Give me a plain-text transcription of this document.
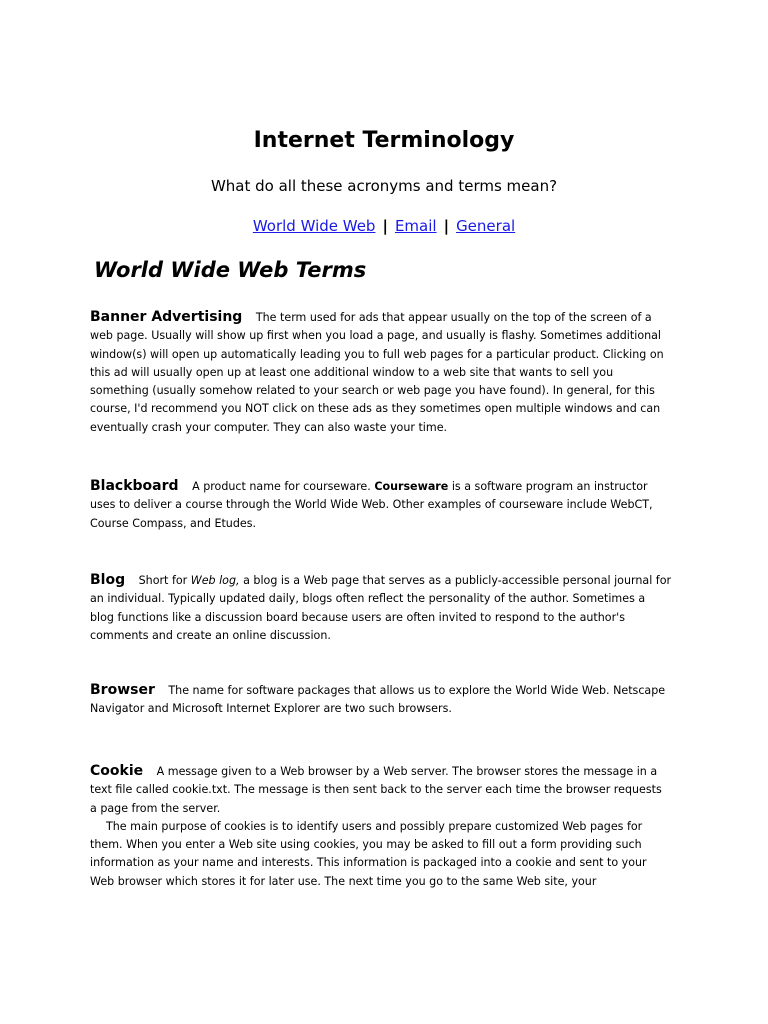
Internet Terminology

What do all these acronyms and terms mean?

World Wide Web | Email | General
World Wide Web Terms

Banner Advertising The term used for ads that appear usually on the top of the screen of a web page. Usually will show up first when you load a page, and usually is flashy. Sometimes additional window(s) will open up automatically leading you to full web pages for a particular product. Clicking on this ad will usually open up at least one additional window to a web site that wants to sell you something (usually somehow related to your search or web page you have found). In general, for this course, I'd recommend you NOT click on these ads as they sometimes open multiple windows and can eventually crash your computer. They can also waste your time.

Blackboard A product name for courseware. Courseware is a software program an instructor uses to deliver a course through the World Wide Web. Other examples of courseware include WebCT, Course Compass, and Etudes.

Blog Short for Web log, a blog is a Web page that serves as a publicly-accessible personal journal for an individual. Typically updated daily, blogs often reflect the personality of the author. Sometimes a blog functions like a discussion board because users are often invited to respond to the author's comments and create an online discussion.

Browser The name for software packages that allows us to explore the World Wide Web. Netscape Navigator and Microsoft Internet Explorer are two such browsers.

Cookie A message given to a Web browser by a Web server. The browser stores the message in a text file called cookie.txt. The message is then sent back to the server each time the browser requests a page from the server.
The main purpose of cookies is to identify users and possibly prepare customized Web pages for them. When you enter a Web site using cookies, you may be asked to fill out a form providing such information as your name and interests. This information is packaged into a cookie and sent to your Web browser which stores it for later use. The next time you go to the same Web site, your
